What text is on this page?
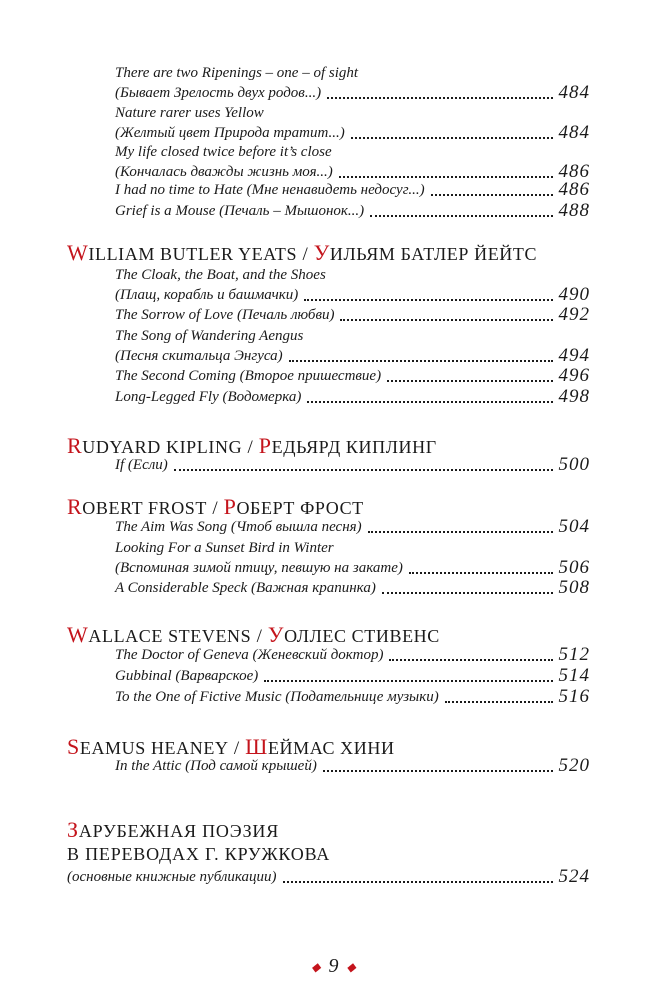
There are two Ripenings – one – of sight
(Бывает Зрелость двух родов...)	484
Nature rarer uses Yellow
(Желтый цвет Природа тратит...)	484
My life closed twice before it’s close
(Кончалась дважды жизнь моя...)	486
I had no time to Hate (Мне ненавидеть недосуг...)	486
Grief is a Mouse (Печаль – Мышонок...)	488
WILLIAM BUTLER YEATS / УИЛЬЯМ БАТЛЕР ЙЕЙТС
The Cloak, the Boat, and the Shoes
(Плащ, корабль и башмачки)	490
The Sorrow of Love (Печаль любви)	492
The Song of Wandering Aengus
(Песня скитальца Энгуса)	494
The Second Coming (Второе пришествие)	496
Long-Legged Fly (Водомерка)	498
RUDYARD KIPLING / РЕДЬЯРД КИПЛИНГ
If (Если)	500
ROBERT FROST / РОБЕРТ ФРОСТ
The Aim Was Song (Чтоб вышла песня)	504
Looking For a Sunset Bird in Winter
(Вспоминая зимой птицу, певшую на закате)	506
A Considerable Speck (Важная крапинка)	508
WALLACE STEVENS / УОЛЛЕС СТИВЕНС
The Doctor of Geneva (Женевский доктор)	512
Gubbinal (Варварское)	514
To the One of Fictive Music (Подательнице музыки)	516
SEAMUS HEANEY / ШЕЙМАС ХИНИ
In the Attic (Под самой крышей)	520
ЗАРУБЕЖНАЯ ПОЭЗИЯ
В ПЕРЕВОДАХ Г. КРУЖКОВА
(основные книжные публикации)	524
◆ 9 ◆
